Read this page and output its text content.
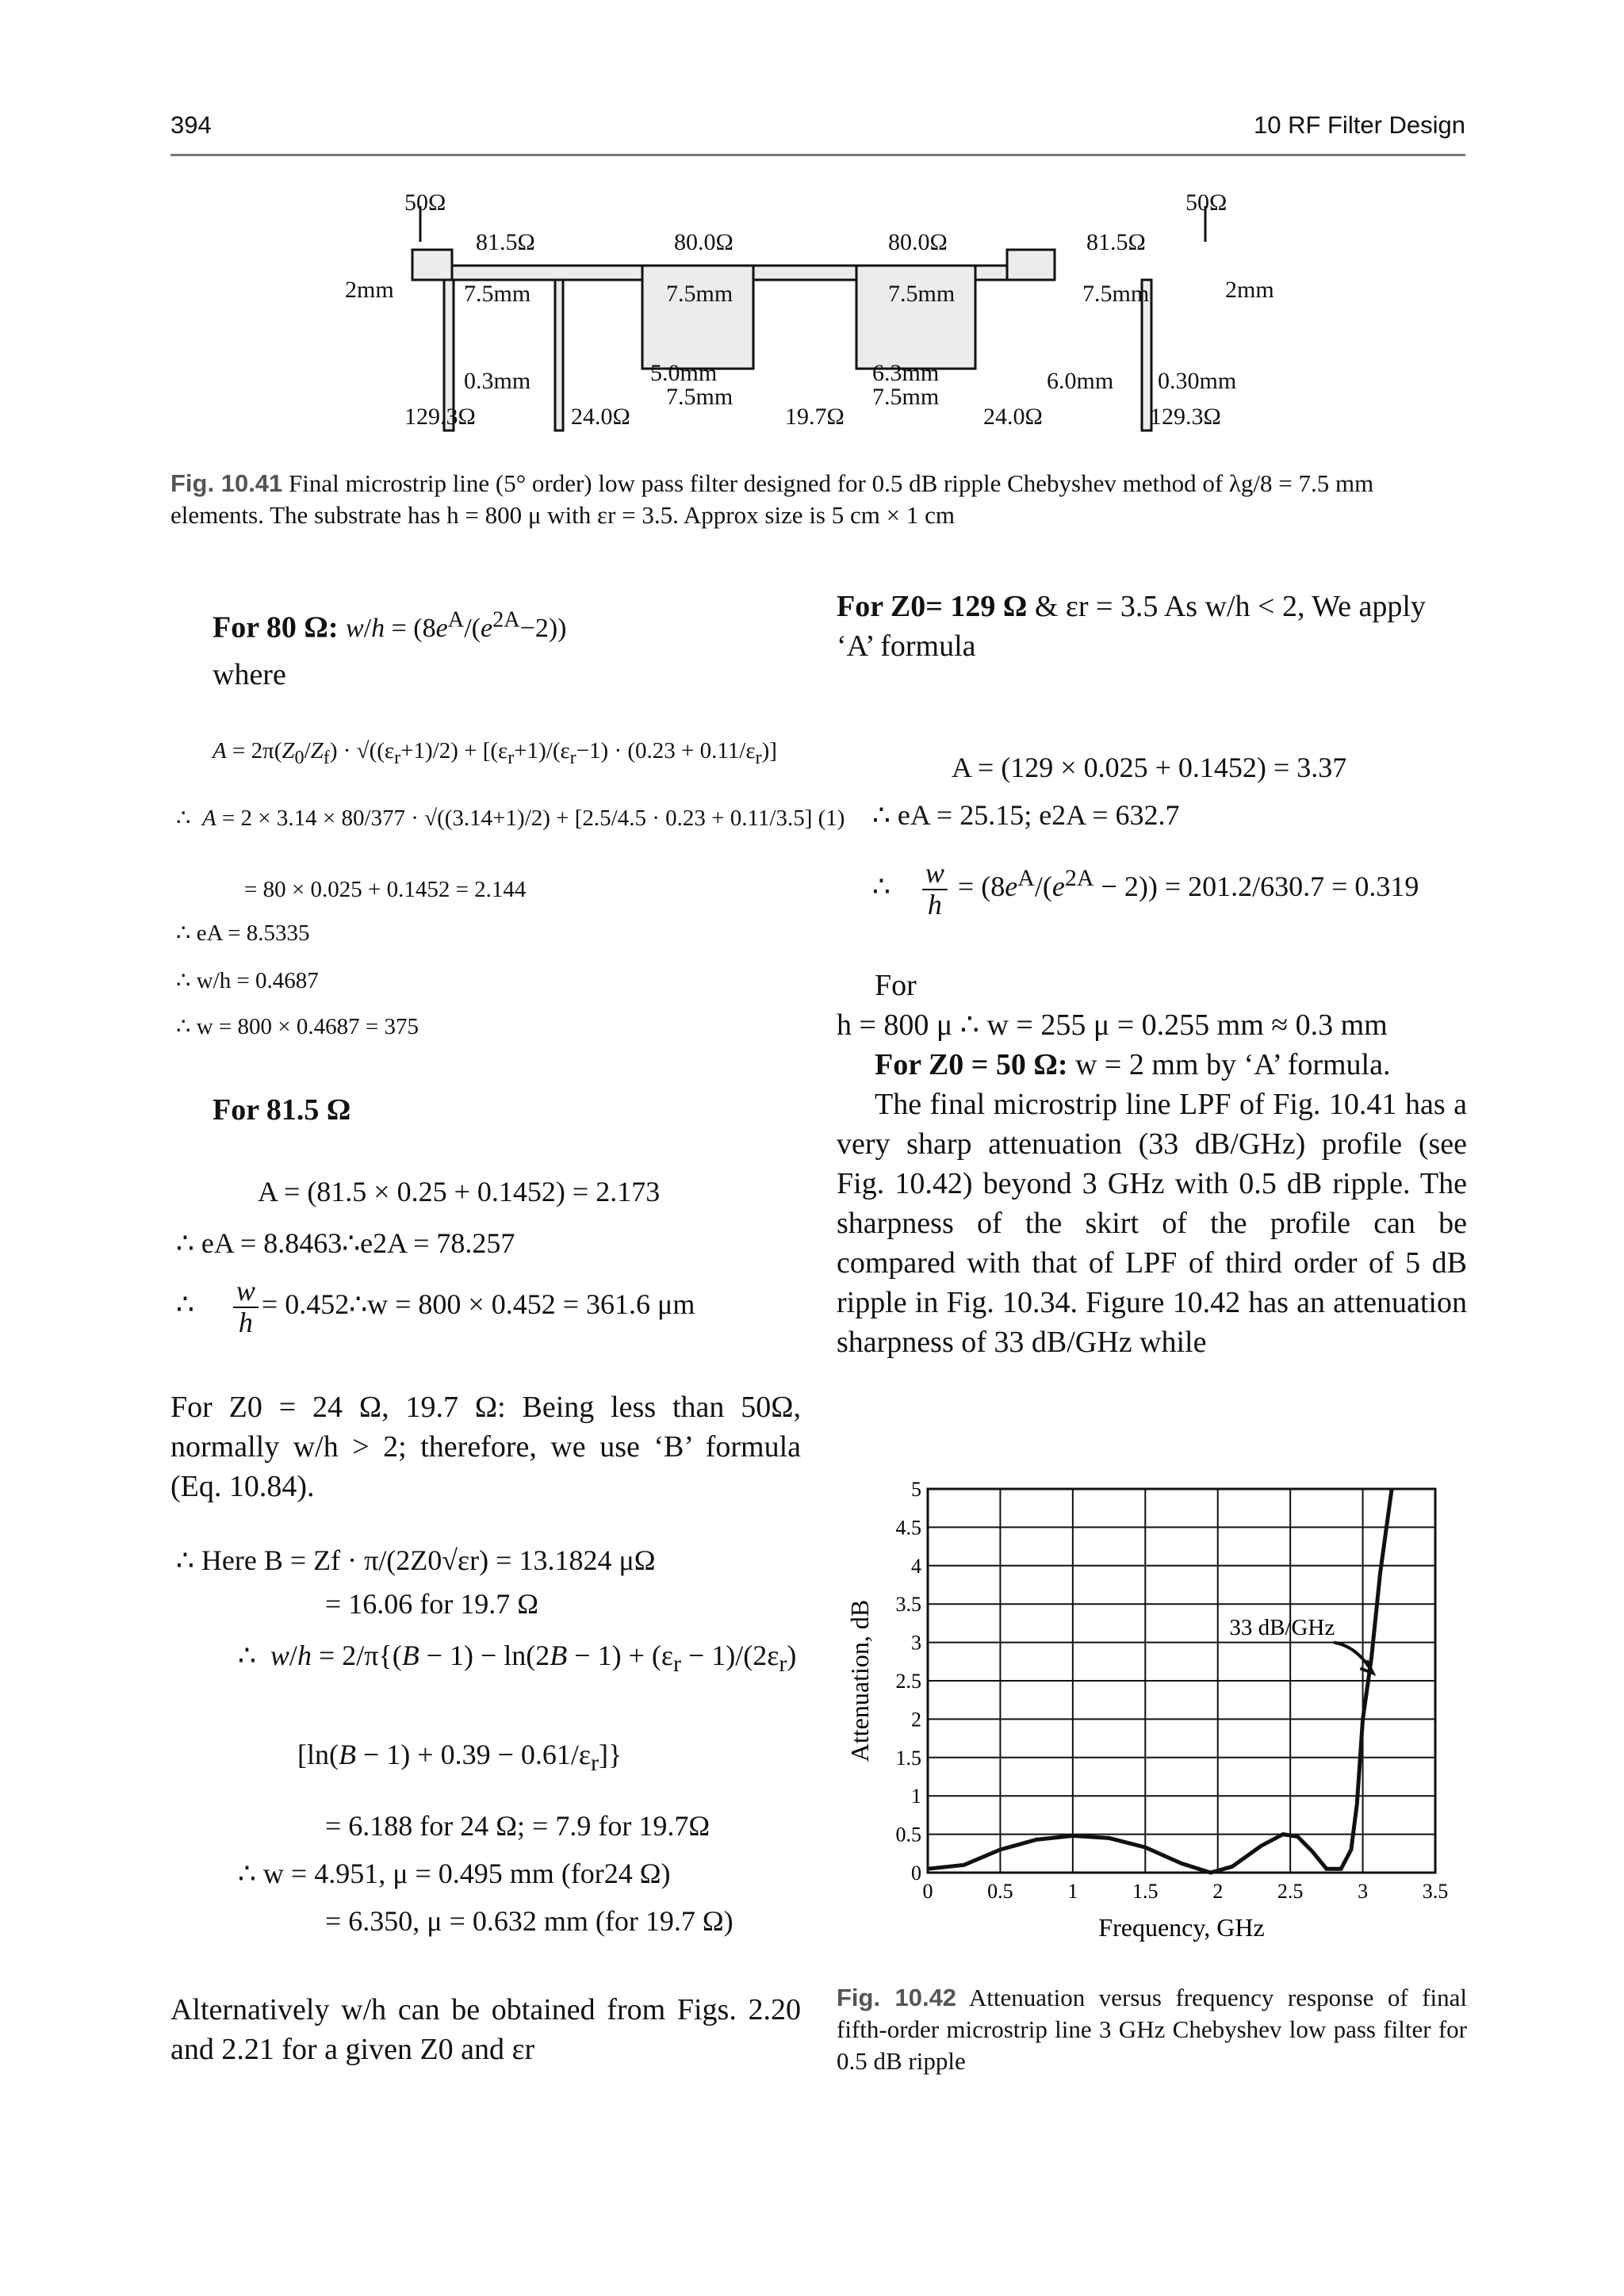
394	10 RF Filter Design
50Ω	50Ω
81.5Ω	80.0Ω	80.0Ω	81.5Ω
2mm	2mm
7.5mm	7.5mm	7.5mm	7.5mm
0.3mm	5.0mm	6.3mm	6.0mm 0.30mm
7.5mm	7.5mm
129.3Ω	24.0Ω	19.7Ω	24.0Ω	129.3Ω
Fig. 10.41 Final microstrip line (5° order) low pass filter designed for 0.5 dB ripple Chebyshev method of λg/8 = 7.5 mm elements. The substrate has h = 800 μ with εr = 3.5. Approx size is 5 cm × 1 cm
For 80 Ω: $w/h = (8e^A/(e^{2A}-2))$
where
$A = 2\pi(Z_0/Z_f) \cdot √((\varepsilon_r+1)/2) + [(\varepsilon_r+1)/(\varepsilon_r-1) \cdot (0.23 + 0.11/\varepsilon_r)]$
∴  A = 2 × 3.14 × 80/377 · √((3.14+1)/2) + [2.5/4.5 · 0.23 + 0.11/3.5] (1)
= 80 × 0.025 + 0.1452 = 2.144
∴ eA = 8.5335
∴ w/h = 0.4687
∴ w = 800 × 0.4687 = 375
For 81.5 Ω
A = (81.5 × 0.25 + 0.1452) = 2.173
∴ eA = 8.8463∴e2A = 78.257
∴ $\frac{w}{h}$ = 0.452∴w = 800 × 0.452 = 361.6 μm
For Z0 = 24 Ω, 19.7 Ω: Being less than 50Ω, normally w/h > 2; therefore, we use ‘B’ formula (Eq. 10.84).
∴ Here B = Zf · π/(2Z0√εr) = 13.1824 μΩ
= 16.06 for 19.7 Ω
∴  $w/h = 2/\pi\{(B - 1) - \ln(2B - 1) + (\varepsilon_r - 1)/(2\varepsilon_r)$
$[\ln(B - 1) + 0.39 - 0.61/\varepsilon_r]$}
= 6.188 for 24 Ω; = 7.9 for 19.7Ω
∴ w = 4.951, μ = 0.495 mm (for24 Ω)
= 6.350, μ = 0.632 mm (for 19.7 Ω)
Alternatively w/h can be obtained from Figs. 2.20 and 2.21 for a given Z0 and εr
For Z0= 129 Ω & εr = 3.5 As w/h < 2, We apply ‘A’ formula
A = (129 × 0.025 + 0.1452) = 3.37
∴ eA = 25.15; e2A = 632.7
∴ $\frac{w}{h} = (8e^A/(e^{2A} - 2)) = 201.2/630.7 = 0.319$
For
h = 800 μ ∴ w = 255 μ = 0.255 mm ≈ 0.3 mm
For Z0 = 50 Ω: w = 2 mm by ‘A’ formula.
The final microstrip line LPF of Fig. 10.41 has a very sharp attenuation (33 dB/GHz) profile (see Fig. 10.42) beyond 3 GHz with 0.5 dB ripple. The sharpness of the skirt of the profile can be compared with that of LPF of third order of 5 dB ripple in Fig. 10.34. Figure 10.42 has an attenuation sharpness of 33 dB/GHz while
0	0.5	1	1.5	2	2.5	3	3.5
0
0.5
1
1.5
2
2.5
3
3.5
4
4.5
5
33 dB/GHz
Frequency, GHz
Attenuation, dB
Fig. 10.42 Attenuation versus frequency response of final fifth-order microstrip line 3 GHz Chebyshev low pass filter for 0.5 dB ripple
